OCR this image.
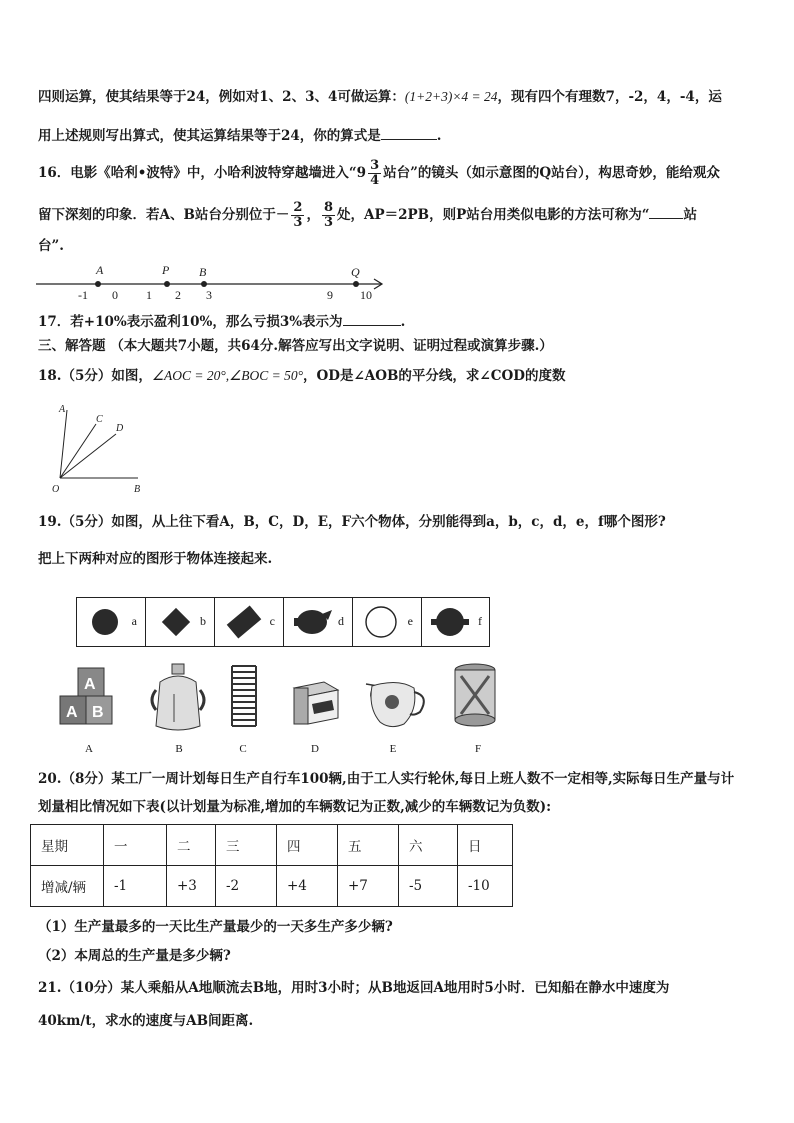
四则运算，使其结果等于24，例如对1、2、3、4可做运算：(1+2+3)×4 = 24，现有四个有理数7，-2，4，-4，运
用上述规则写出算式，使其运算结果等于24，你的算式是	.
16．电影《哈利•波特》中，小哈利波特穿越墙进入“$9 \frac{3}{4}$ 站台”的镜头（如示意图的Q站台），构思奇妙，能给观众
留下深刻的印象．若A、B站台分别位于－ $\frac{2}{3}$ ， $\frac{8}{3}$ 处，AP＝2PB，则P站台用类似电影的方法可称为“	站
台”.
A	P B	Q
-1 0 1 2 3	9 10
17．若+10%表示盈利10%，那么亏损3%表示为	.
三、解答题 （本大题共7小题，共64分.解答应写出文字说明、证明过程或演算步骤.）
18.（5分）如图，∠AOC = 20°,∠BOC = 50°，OD是∠AOB的平分线，求∠COD的度数
A
C
D
O	B
19.（5分）如图，从上往下看A，B，C，D，E，F六个物体，分别能得到a，b，c，d，e，f哪个图形?
把上下两种对应的图形于物体连接起来.
a	b	c	d	e	f
A B
A
A	B	C	D	E	F
20.（8分）某工厂一周计划每日生产自行车100辆,由于工人实行轮休,每日上班人数不一定相等,实际每日生产量与计
划量相比情况如下表(以计划量为标准,增加的车辆数记为正数,减少的车辆数记为负数):
星期	一	二	三	四	五	六	日
增减/辆	-1	+3	-2	+4	+7	-5	-10
（1）生产量最多的一天比生产量最少的一天多生产多少辆?
（2）本周总的生产量是多少辆?
21.（10分）某人乘船从A地顺流去B地，用时3小时；从B地返回A地用时5小时．已知船在静水中速度为
40km/t，求水的速度与AB间距离.
